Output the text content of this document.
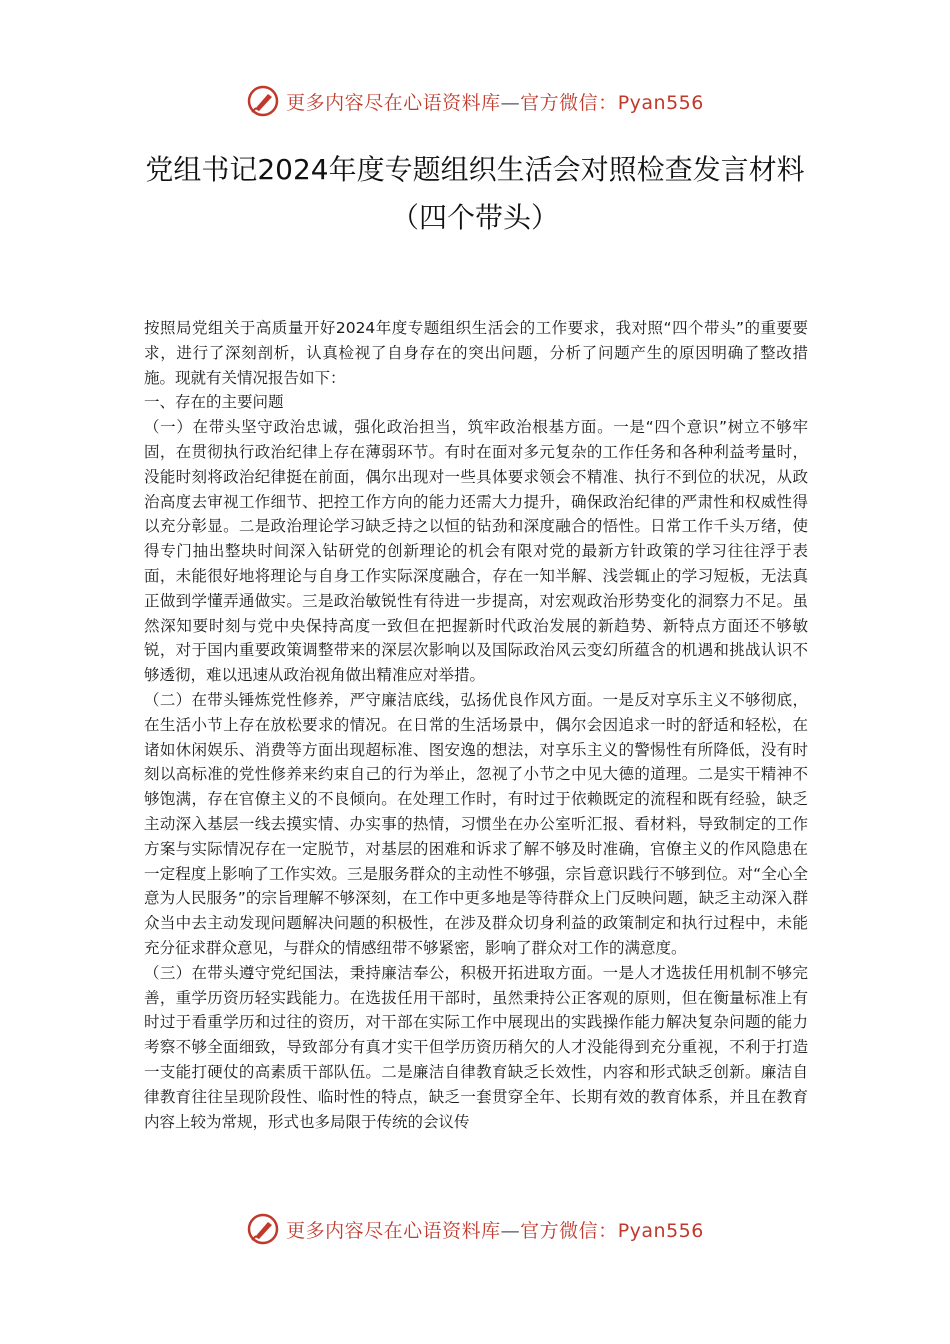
更多内容尽在心语资料库—官方微信：Pyan556
党组书记2024年度专题组织生活会对照检查发言材料（四个带头）

按照局党组关于高质量开好2024年度专题组织生活会的工作要求，我对照“四个带头”的重要要求，进行了深刻剖析，认真检视了自身存在的突出问题，分析了问题产生的原因明确了整改措施。现就有关情况报告如下：

一、存在的主要问题

（一）在带头坚守政治忠诚，强化政治担当，筑牢政治根基方面。一是“四个意识”树立不够牢固，在贯彻执行政治纪律上存在薄弱环节。有时在面对多元复杂的工作任务和各种利益考量时，没能时刻将政治纪律挺在前面，偶尔出现对一些具体要求领会不精准、执行不到位的状况，从政治高度去审视工作细节、把控工作方向的能力还需大力提升，确保政治纪律的严肃性和权威性得以充分彰显。二是政治理论学习缺乏持之以恒的钻劲和深度融合的悟性。日常工作千头万绪，使得专门抽出整块时间深入钻研党的创新理论的机会有限对党的最新方针政策的学习往往浮于表面，未能很好地将理论与自身工作实际深度融合，存在一知半解、浅尝辄止的学习短板，无法真正做到学懂弄通做实。三是政治敏锐性有待进一步提高，对宏观政治形势变化的洞察力不足。虽然深知要时刻与党中央保持高度一致但在把握新时代政治发展的新趋势、新特点方面还不够敏锐，对于国内重要政策调整带来的深层次影响以及国际政治风云变幻所蕴含的机遇和挑战认识不够透彻，难以迅速从政治视角做出精准应对举措。

（二）在带头锤炼党性修养，严守廉洁底线，弘扬优良作风方面。一是反对享乐主义不够彻底，在生活小节上存在放松要求的情况。在日常的生活场景中，偶尔会因追求一时的舒适和轻松，在诸如休闲娱乐、消费等方面出现超标准、图安逸的想法，对享乐主义的警惕性有所降低，没有时刻以高标准的党性修养来约束自己的行为举止，忽视了小节之中见大德的道理。二是实干精神不够饱满，存在官僚主义的不良倾向。在处理工作时，有时过于依赖既定的流程和既有经验，缺乏主动深入基层一线去摸实情、办实事的热情，习惯坐在办公室听汇报、看材料，导致制定的工作方案与实际情况存在一定脱节，对基层的困难和诉求了解不够及时准确，官僚主义的作风隐患在一定程度上影响了工作实效。三是服务群众的主动性不够强，宗旨意识践行不够到位。对“全心全意为人民服务”的宗旨理解不够深刻，在工作中更多地是等待群众上门反映问题，缺乏主动深入群众当中去主动发现问题解决问题的积极性，在涉及群众切身利益的政策制定和执行过程中，未能充分征求群众意见，与群众的情感纽带不够紧密，影响了群众对工作的满意度。

（三）在带头遵守党纪国法，秉持廉洁奉公，积极开拓进取方面。一是人才选拔任用机制不够完善，重学历资历轻实践能力。在选拔任用干部时，虽然秉持公正客观的原则，但在衡量标准上有时过于看重学历和过往的资历，对干部在实际工作中展现出的实践操作能力解决复杂问题的能力考察不够全面细致，导致部分有真才实干但学历资历稍欠的人才没能得到充分重视，不利于打造一支能打硬仗的高素质干部队伍。二是廉洁自律教育缺乏长效性，内容和形式缺乏创新。廉洁自律教育往往呈现阶段性、临时性的特点，缺乏一套贯穿全年、长期有效的教育体系，并且在教育内容上较为常规，形式也多局限于传统的会议传

更多内容尽在心语资料库—官方微信：Pyan556
